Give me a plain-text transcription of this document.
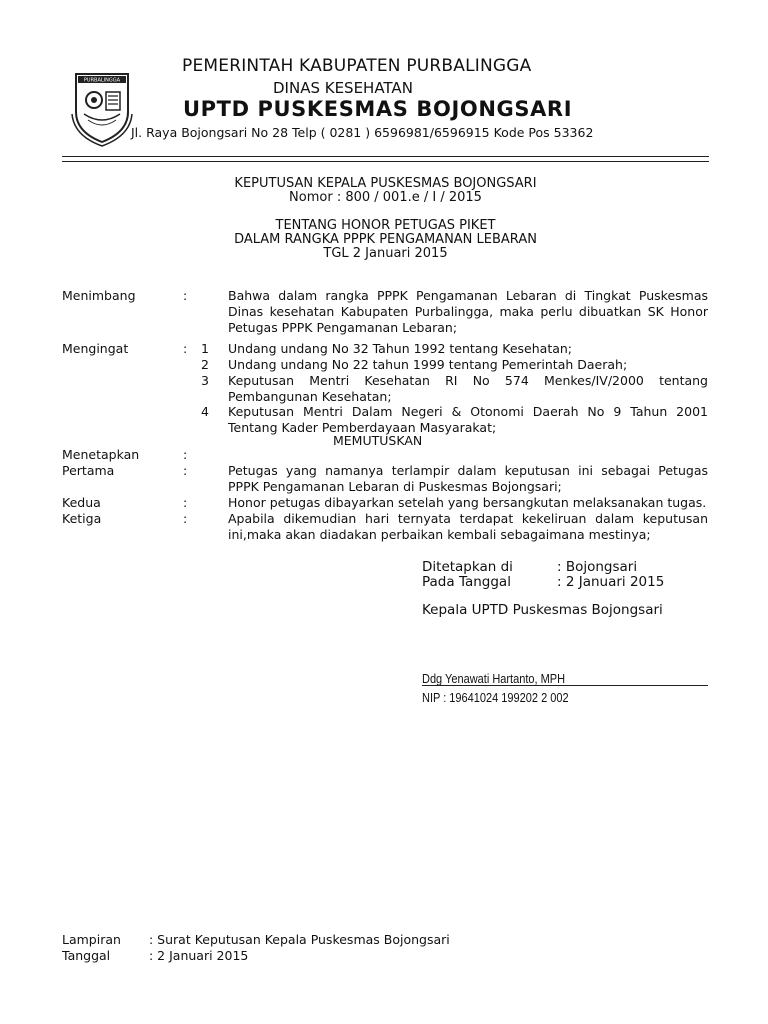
PURBALINGGA
PEMERINTAH KABUPATEN PURBALINGGA
DINAS KESEHATAN
UPTD PUSKESMAS BOJONGSARI
Jl. Raya Bojongsari No 28 Telp ( 0281 ) 6596981/6596915 Kode Pos 53362
KEPUTUSAN KEPALA PUSKESMAS BOJONGSARI
Nomor : 800 / 001.e / I / 2015
TENTANG HONOR PETUGAS PIKET
DALAM RANGKA PPPK PENGAMANAN LEBARAN
TGL 2 Januari 2015
Menimbang	:	Bahwa dalam rangka PPPK Pengamanan Lebaran di Tingkat Puskesmas Dinas kesehatan Kabupaten Purbalingga, maka perlu dibuatkan SK Honor Petugas PPPK Pengamanan Lebaran;
Mengingat	: 1 Undang undang No 32 Tahun 1992 tentang Kesehatan;
2 Undang undang No 22 tahun 1999 tentang Pemerintah Daerah;
3 Keputusan Mentri Kesehatan RI No 574 Menkes/IV/2000 tentang Pembangunan Kesehatan;
4 Keputusan Mentri Dalam Negeri & Otonomi Daerah No 9 Tahun 2001 Tentang Kader Pemberdayaan Masyarakat;
MEMUTUSKAN
Menetapkan	:
Pertama	:	Petugas yang namanya terlampir dalam keputusan ini sebagai Petugas PPPK Pengamanan Lebaran di Puskesmas Bojongsari;
Kedua	:	Honor petugas dibayarkan setelah yang bersangkutan melaksanakan tugas.
Ketiga	:	Apabila dikemudian hari ternyata terdapat kekeliruan dalam keputusan ini,maka akan diadakan perbaikan kembali sebagaimana mestinya;
Ditetapkan di	: Bojongsari
Pada Tanggal	: 2 Januari 2015
Kepala UPTD Puskesmas Bojongsari
Ddg Yenawati Hartanto, MPH
NIP : 19641024 199202 2 002
Lampiran : Surat Keputusan Kepala Puskesmas Bojongsari
Tanggal	: 2 Januari 2015
